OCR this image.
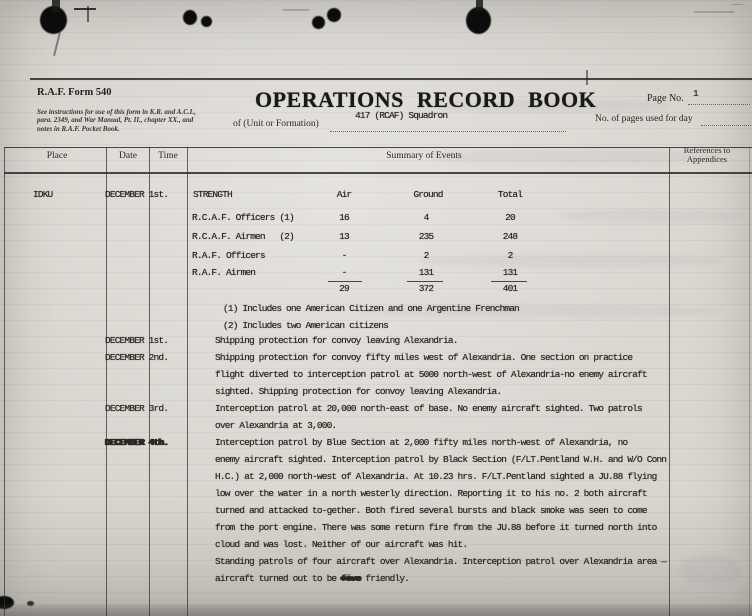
R.A.F. Form 540
See instructions for use of this form in K.R. and A.C.I.,
para. 2349, and War Manual, Pt. II., chapter XX., and
notes in R.A.F. Pocket Book.
OPERATIONS RECORD BOOK
of (Unit or Formation)
417 (RCAF) Squadron
Page No. 1
No. of pages used for day
Place	Date Time	Summary of Events
References to Appendices
IDKU	DECEMBER 1st.	STRENGTH	Air	Ground	Total
R.C.A.F. Officers (1)	16	4	20
R.C.A.F. Airmen   (2)	13	235	248
R.A.F. Officers	-	2	2
R.A.F. Airmen	-	131	131
29	372	401
(1) Includes one American Citizen and one Argentine Frenchman
(2) Includes two American citizens
DECEMBER 1st.	Shipping protection for convoy leaving Alexandria.
DECEMBER 2nd.	Shipping protection for convoy fifty miles west of Alexandria. One section on practice
flight diverted to interception patrol at 5000 north-west of Alexandria-no enemy aircraft
sighted. Shipping protection for convoy leaving Alexandria.
DECEMBER 3rd.	Interception patrol at 20,000 north-east of base. No enemy aircraft sighted. Two patrols
over Alexandria at 3,000.
DECEMBER 4th.	Interception patrol by Blue Section at 2,000 fifty miles north-west of Alexandria, no
enemy aircraft sighted. Interception patrol by Black Section (F/LT.Pentland W.H. and W/O Conn
H.C.) at 2,000 north-west of Alexandria. At 10.23 hrs. F/LT.Pentland sighted a JU.88 flying
low over the water in a north westerly direction. Reporting it to his no. 2 both aircraft
turned and attacked to-gether. Both fired several bursts and black smoke was seen to come
from the port engine. There was some return fire from the JU.88 before it turned north into
cloud and was lost. Neither of our aircraft was hit.
Standing patrols of four aircraft over Alexandria. Interception patrol over Alexandria area —
aircraft turned out to be five friendly.
